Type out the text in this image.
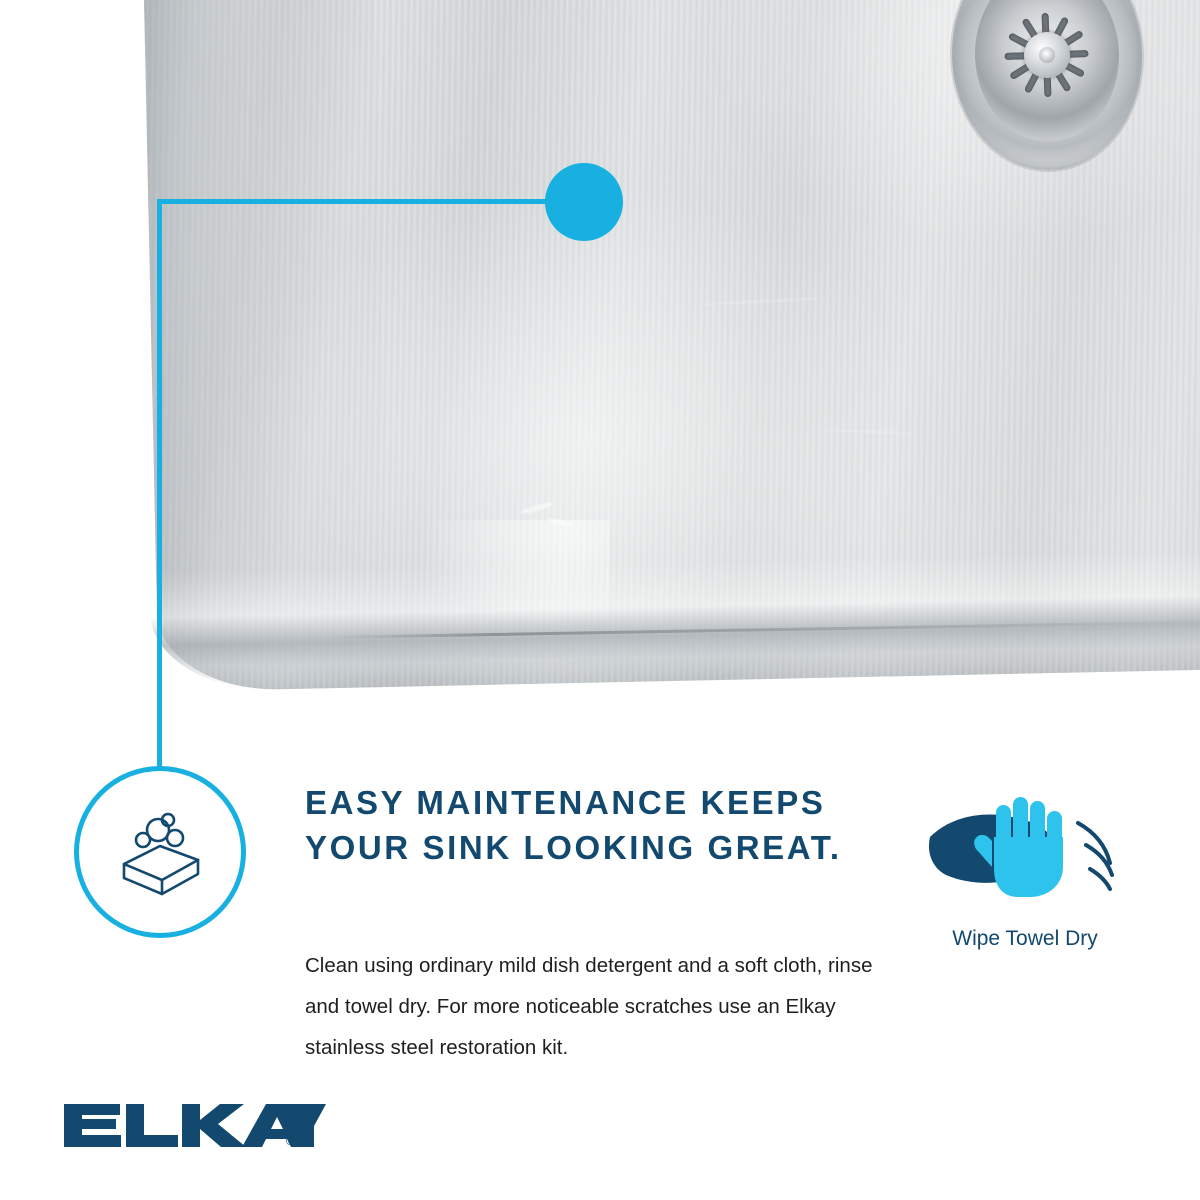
EASY MAINTENANCE KEEPS YOUR SINK LOOKING GREAT.
Clean using ordinary mild dish detergent and a soft cloth, rinse and towel dry. For more noticeable scratches use an Elkay stainless steel restoration kit.
Wipe Towel Dry
®
